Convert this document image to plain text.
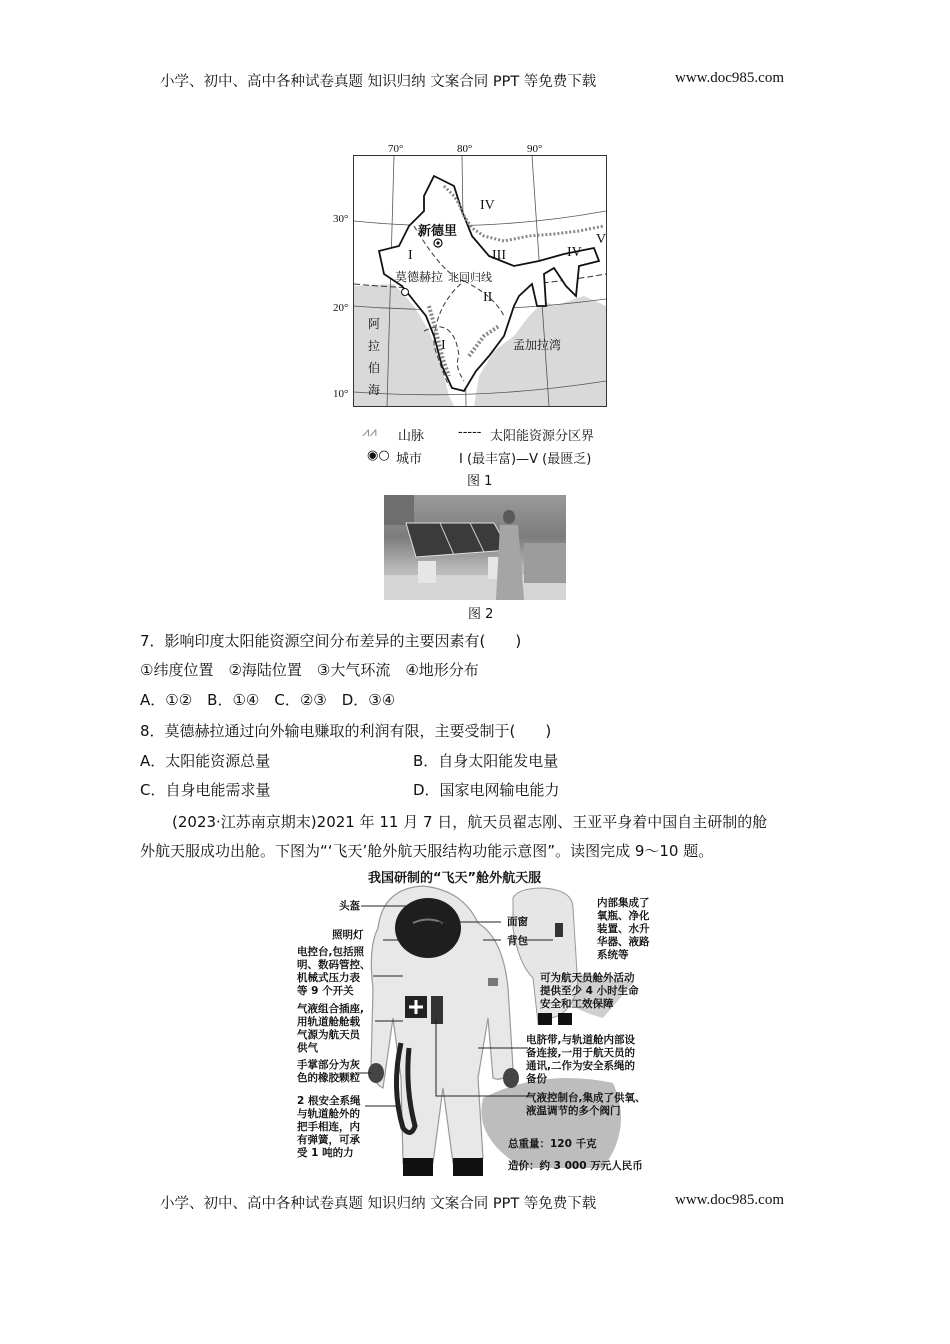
小学、初中、高中各种试卷真题 知识归纳 文案合同 PPT 等免费下载	www.doc985.com
70°	80°	90°
30°
20°
10°
新德里
莫德赫拉 北回归线
孟加拉湾
阿
拉
伯
海
I
II
III
IV
V
I
IV
⩘⩘ 山脉	----- 太阳能资源分区界
◉○ 城市	I (最丰富)—V (最匮乏)
图 1
图 2
7．影响印度太阳能资源空间分布差异的主要因素有(　　)
①纬度位置　②海陆位置　③大气环流　④地形分布
A．①②　B．①④　C．②③　D．③④
8．莫德赫拉通过向外输电赚取的利润有限，主要受制于(　　)
A．太阳能资源总量	B．自身太阳能发电量
C．自身电能需求量	D．国家电网输电能力
(2023·江苏南京期末)2021 年 11 月 7 日，航天员翟志刚、王亚平身着中国自主研制的舱
外航天服成功出舱。下图为“‘飞天’舱外航天服结构功能示意图”。读图完成 9～10 题。
我国研制的“飞天”舱外航天服
头盔
照明灯
面窗
背包
内部集成了
氧瓶、净化
装置、水升
华器、液路
系统等
可为航天员舱外活动
提供至少 4 小时生命
安全和工效保障
电控台,包括照
明、数码管控、
机械式压力表
等 9 个开关
气液组合插座,
用轨道舱舱载
气源为航天员
供气
手掌部分为灰
色的橡胶颗粒
2 根安全系绳
与轨道舱外的
把手相连，内
有弹簧，可承
受 1 吨的力
电脐带,与轨道舱内部设
备连接,一用于航天员的
通讯,二作为安全系绳的
备份
气液控制台,集成了供氧、
液温调节的多个阀门
总重量：120 千克
造价：约 3 000 万元人民币
小学、初中、高中各种试卷真题 知识归纳 文案合同 PPT 等免费下载	www.doc985.com
